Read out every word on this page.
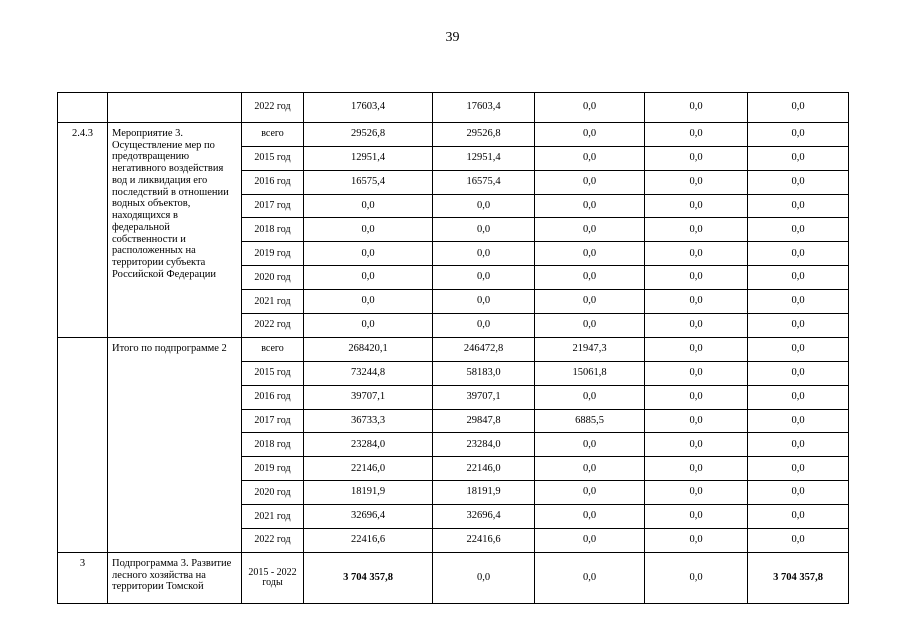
39
		2022 год	17603,4	17603,4	0,0	0,0	0,0
2.4.3	Мероприятие 3. Осуществление мер по предотвращению негативного воздействия вод и ликвидация его последствий в отношении водных объектов, находящихся в федеральной собственности и расположенных на территории субъекта Российской Федерации	всего	29526,8	29526,8	0,0	0,0	0,0
		2015 год	12951,4	12951,4	0,0	0,0	0,0
		2016 год	16575,4	16575,4	0,0	0,0	0,0
		2017 год	0,0	0,0	0,0	0,0	0,0
		2018 год	0,0	0,0	0,0	0,0	0,0
		2019 год	0,0	0,0	0,0	0,0	0,0
		2020 год	0,0	0,0	0,0	0,0	0,0
		2021 год	0,0	0,0	0,0	0,0	0,0
		2022 год	0,0	0,0	0,0	0,0	0,0
	Итого по подпрограмме 2	всего	268420,1	246472,8	21947,3	0,0	0,0
		2015 год	73244,8	58183,0	15061,8	0,0	0,0
		2016 год	39707,1	39707,1	0,0	0,0	0,0
		2017 год	36733,3	29847,8	6885,5	0,0	0,0
		2018 год	23284,0	23284,0	0,0	0,0	0,0
		2019 год	22146,0	22146,0	0,0	0,0	0,0
		2020 год	18191,9	18191,9	0,0	0,0	0,0
		2021 год	32696,4	32696,4	0,0	0,0	0,0
		2022 год	22416,6	22416,6	0,0	0,0	0,0
3	Подпрограмма 3. Развитие лесного хозяйства на территории Томской	2015 - 2022 годы	3 704 357,8	0,0	0,0	0,0	3 704 357,8
